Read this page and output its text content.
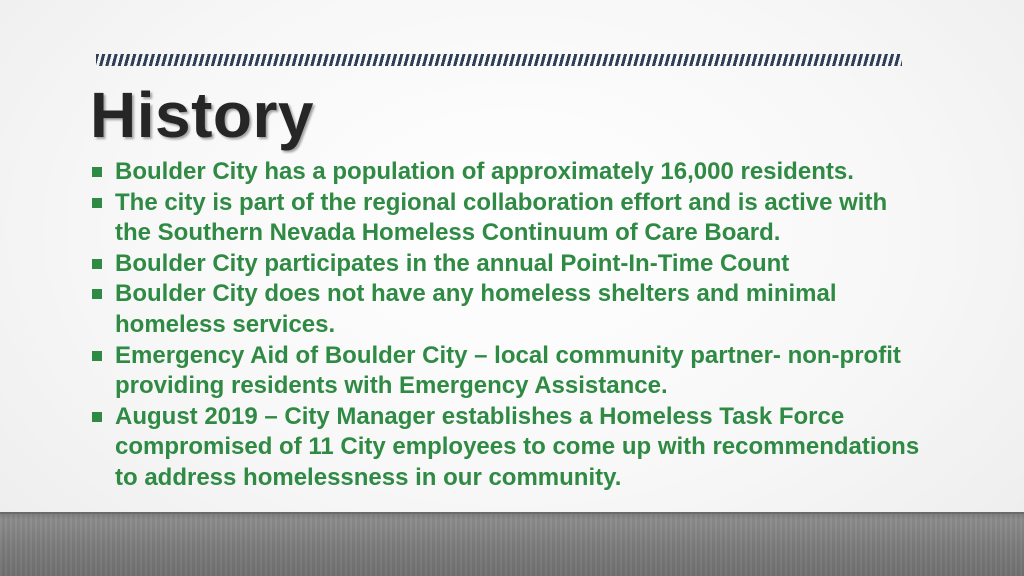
History
Boulder City has a population of approximately 16,000 residents.
The city is part of the regional collaboration effort and is active with the Southern Nevada Homeless Continuum of Care Board.
Boulder City participates in the annual Point-In-Time Count
Boulder City does not have any homeless shelters and minimal homeless services.
Emergency Aid of Boulder City – local community partner- non-profit providing residents with Emergency Assistance.
August 2019 – City Manager establishes a Homeless Task Force compromised of 11 City employees to come up with recommendations to address homelessness in our community.
